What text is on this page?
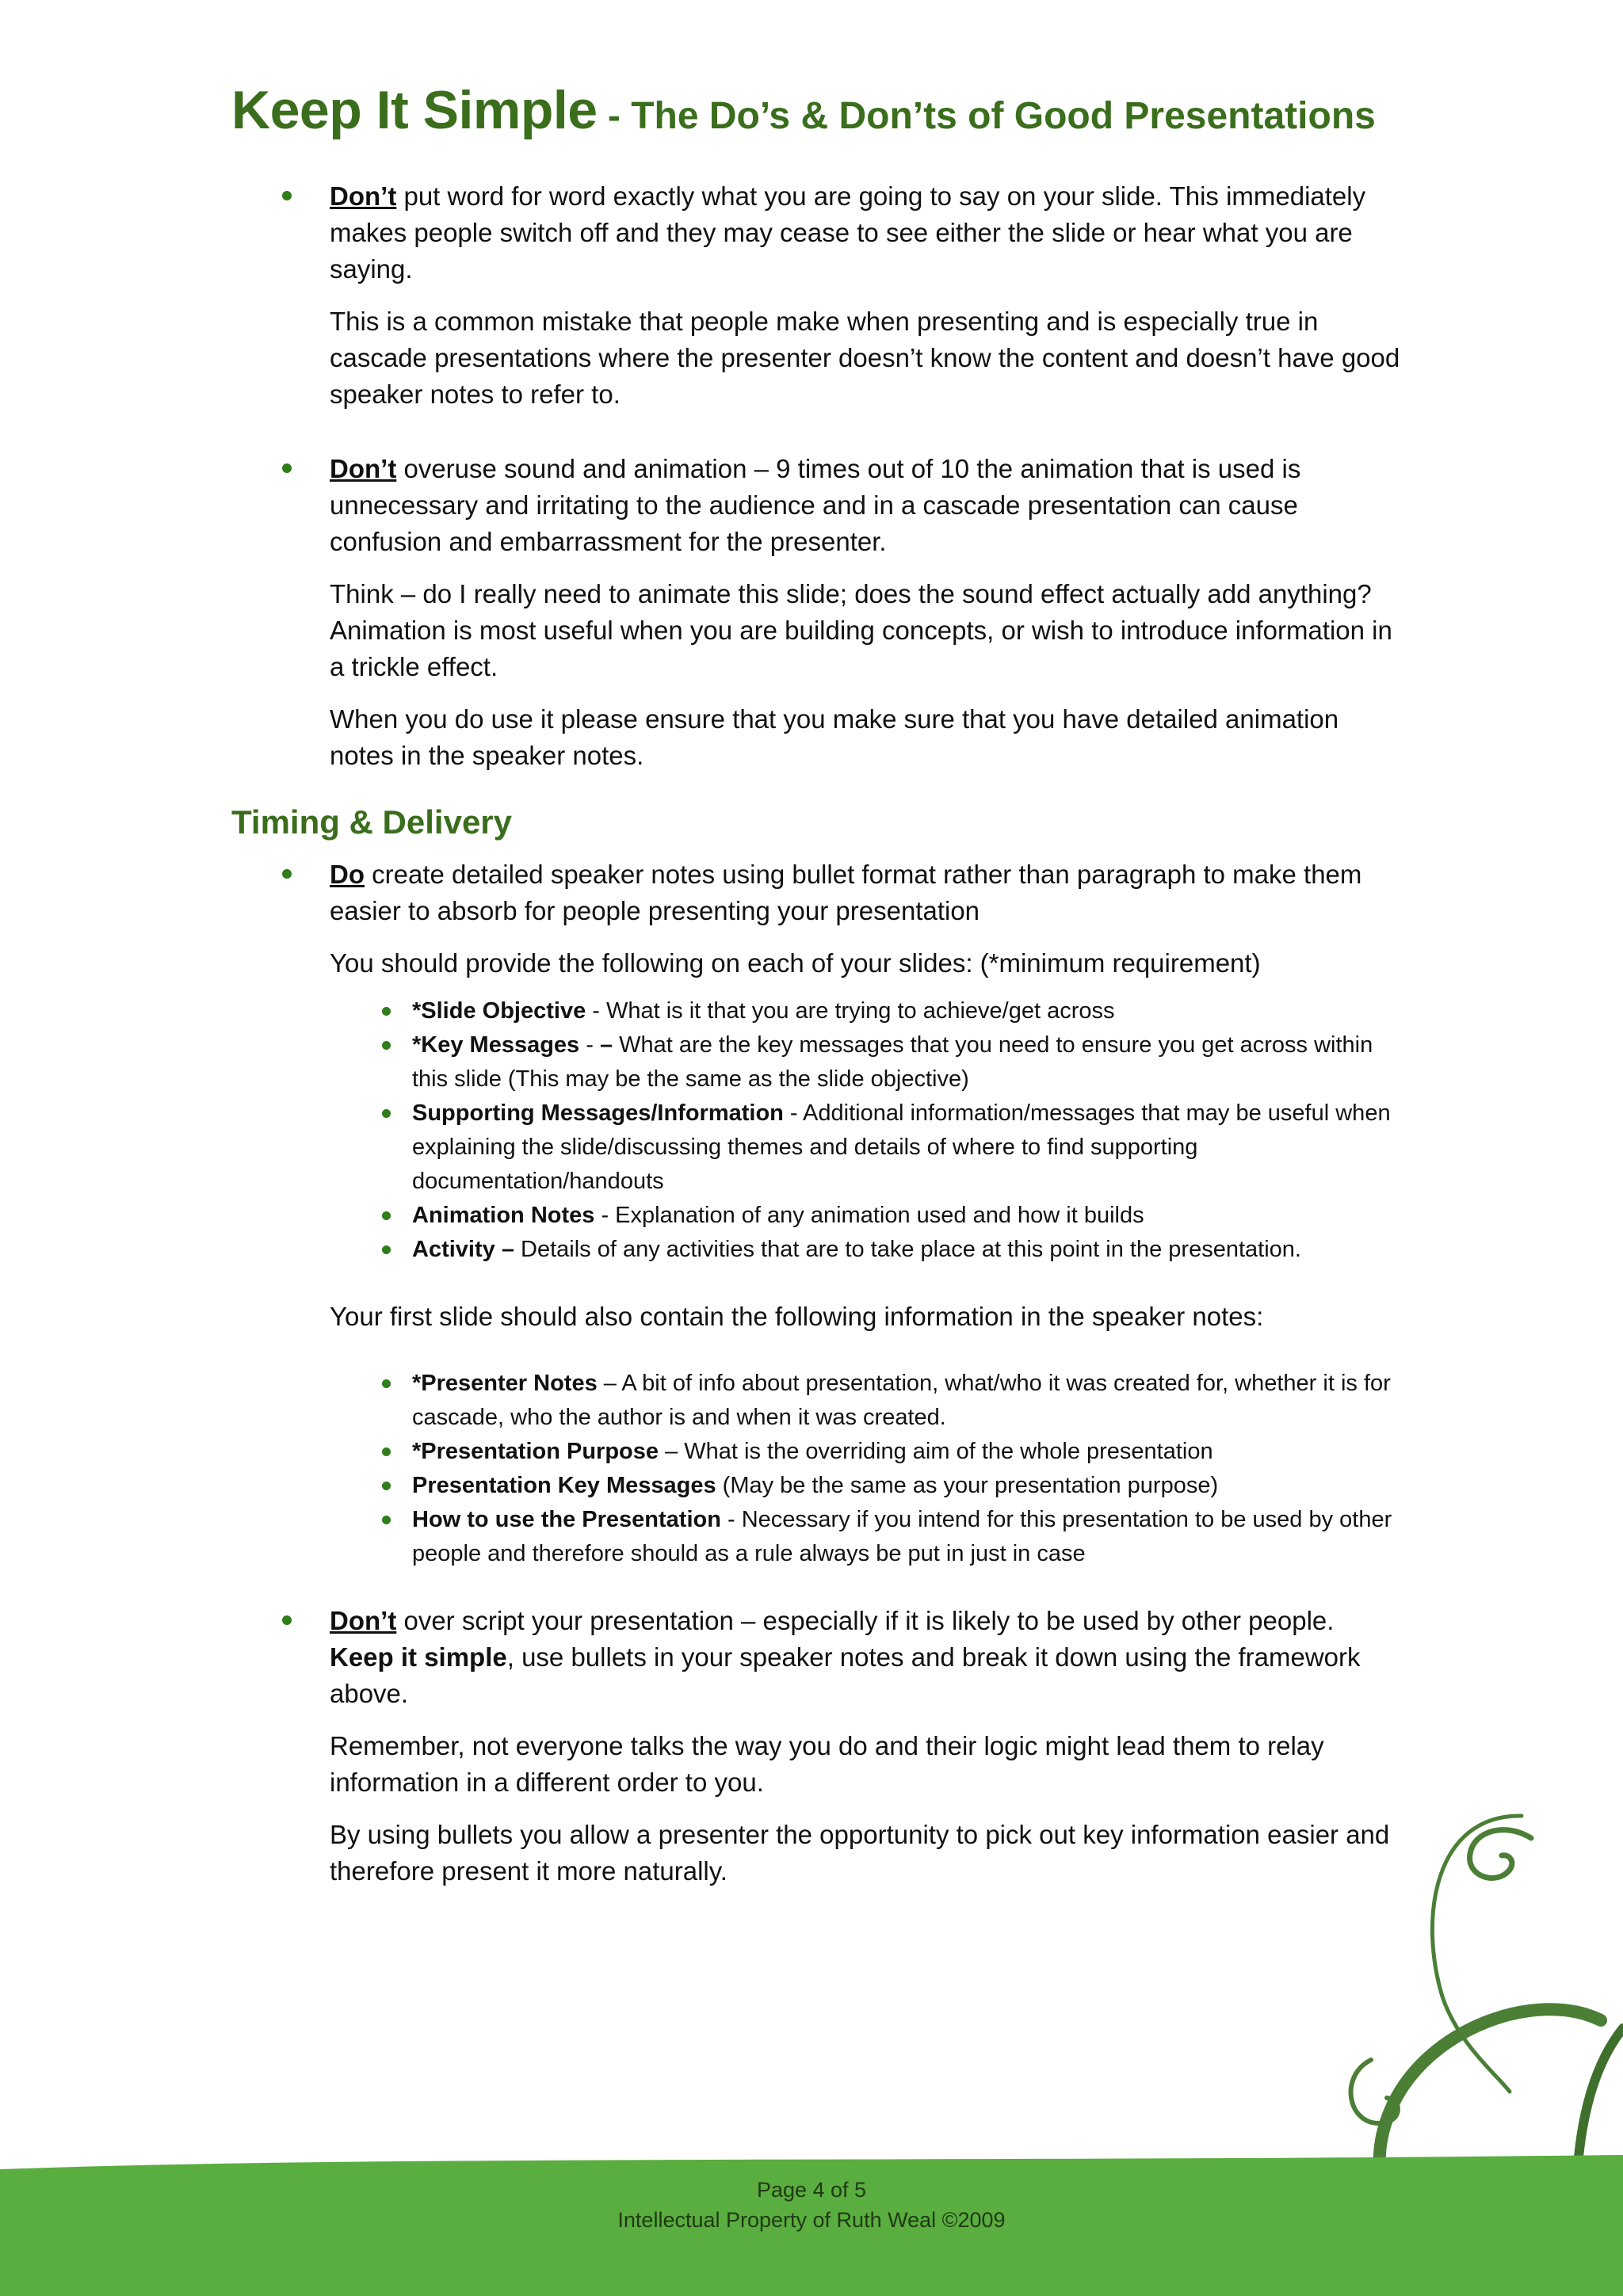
Keep It Simple - The Do’s & Don’ts of Good Presentations
Don’t put word for word exactly what you are going to say on your slide. This immediately makes people switch off and they may cease to see either the slide or hear what you are saying.
This is a common mistake that people make when presenting and is especially true in cascade presentations where the presenter doesn’t know the content and doesn’t have good speaker notes to refer to.
Don’t overuse sound and animation – 9 times out of 10 the animation that is used is unnecessary and irritating to the audience and in a cascade presentation can cause confusion and embarrassment for the presenter.
Think – do I really need to animate this slide; does the sound effect actually add anything? Animation is most useful when you are building concepts, or wish to introduce information in a trickle effect.
When you do use it please ensure that you make sure that you have detailed animation notes in the speaker notes.
Timing & Delivery
Do create detailed speaker notes using bullet format rather than paragraph to make them easier to absorb for people presenting your presentation
You should provide the following on each of your slides: (*minimum requirement)
*Slide Objective - What is it that you are trying to achieve/get across
*Key Messages - – What are the key messages that you need to ensure you get across within this slide (This may be the same as the slide objective)
Supporting Messages/Information - Additional information/messages that may be useful when explaining the slide/discussing themes and details of where to find supporting documentation/handouts
Animation Notes - Explanation of any animation used and how it builds
Activity – Details of any activities that are to take place at this point in the presentation.
Your first slide should also contain the following information in the speaker notes:
*Presenter Notes – A bit of info about presentation, what/who it was created for, whether it is for cascade, who the author is and when it was created.
*Presentation Purpose – What is the overriding aim of the whole presentation
Presentation Key Messages (May be the same as your presentation purpose)
How to use the Presentation - Necessary if you intend for this presentation to be used by other people and therefore should as a rule always be put in just in case
Don’t over script your presentation – especially if it is likely to be used by other people. Keep it simple, use bullets in your speaker notes and break it down using the framework above.
Remember, not everyone talks the way you do and their logic might lead them to relay information in a different order to you.
By using bullets you allow a presenter the opportunity to pick out key information easier and therefore present it more naturally.
Page 4 of 5
Intellectual Property of Ruth Weal ©2009
